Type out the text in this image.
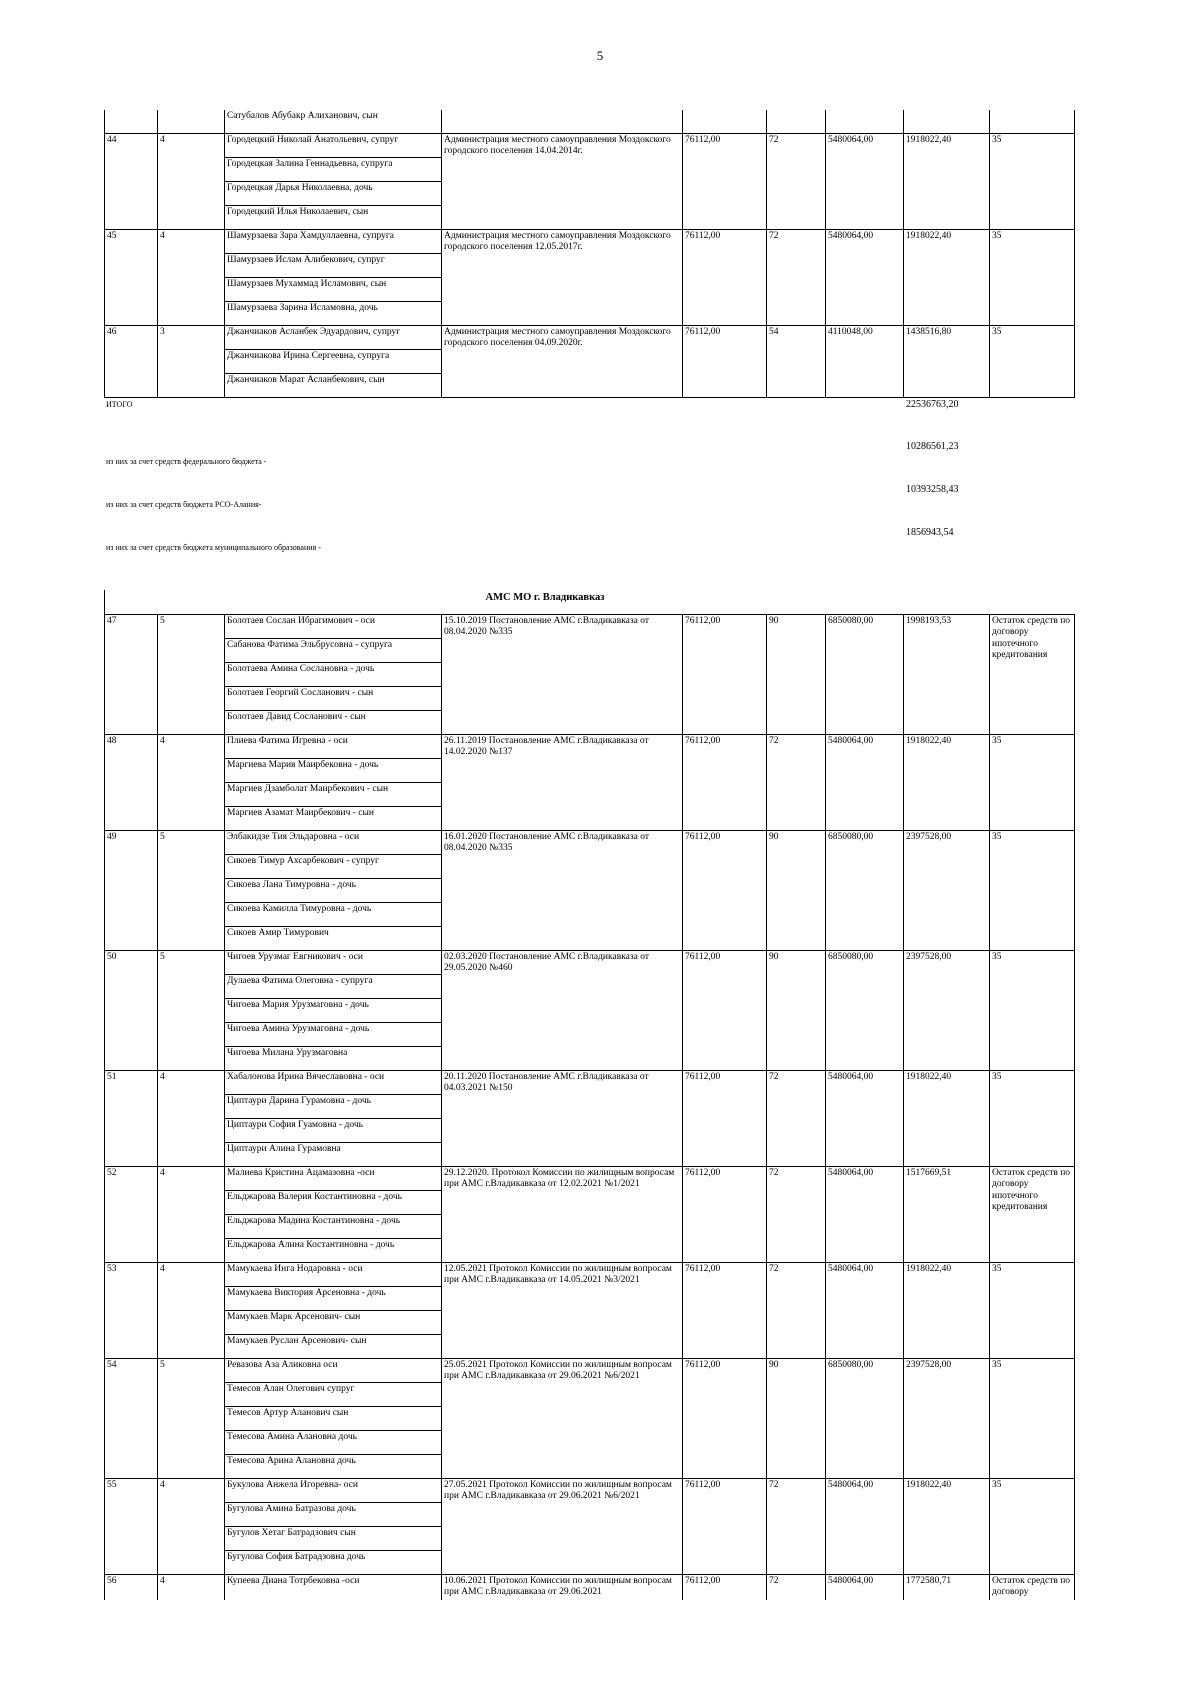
5
		Сатубалов Абубакр Алиханович, сын						
44	4	Городецкий Николай Анатольевич, супруг	Администрация местного самоуправления Моздокского городского поселения 14.04.2014г.	76112,00	72	5480064,00	1918022,40	35
		Городецкая Залина Геннадьевна, супруга						
		Городецкая Дарья Николаевна, дочь						
		Городецкий Илья Николаевич, сын						
45	4	Шамурзаева Зара Хамдуллаевна, супруга	Администрация местного самоуправления Моздокского городского поселения 12.05.2017г.	76112,00	72	5480064,00	1918022,40	35
		Шамурзаев Ислам Алибекович, супруг						
		Шамурзаев Мухаммад Исламович, сын						
		Шамурзаева Зарина Исламовна, дочь						
46	3	Джанчиаков Асланбек Эдуардович, супруг	Администрация местного самоуправления Моздокского городского поселения 04.09.2020г.	76112,00	54	4110048,00	1438516,80	35
		Джанчиакова Ирина Сергеевна, супруга						
		Джанчиаков Марат Асланбекович, сын						
ИТОГО	22536763,20
10286561,23
из них за счет средств федерального бюджета -
10393258,43
из них за счет средств бюджета РСО-Алания-
1856943,54
из них за счет средств бюджета муниципального образования -
АМС МО г. Владикавказ
47	5	Болотаев Сослан Ибрагимович - оси	15.10.2019 Постановление АМС г.Владикавказа от 08.04.2020 №335	76112,00	90	6850080,00	1998193,53	Остаток средств по договору ипотечного кредитования
		Сабанова Фатима Эльбрусовна - супруга						
		Болотаева Амина Сослановна - дочь						
		Болотаев Георгий Сосланович - сын						
		Болотаев Давид Сосланович - сын						
48	4	Плиева Фатима Игревна - оси	26.11.2019 Постановление АМС г.Владикавказа от 14.02.2020 №137	76112,00	72	5480064,00	1918022,40	35
		Маргиева Мария Маирбековна - дочь						
		Маргиев Дзамболат Маирбекович - сын						
		Маргиев Азамат Маирбекович - сын						
49	5	Элбакидзе Тия Эльдаровна - оси	16.01.2020 Постановление АМС г.Владикавказа от 08.04.2020 №335	76112,00	90	6850080,00	2397528,00	35
		Сикоев Тимур Ахсарбекович - супруг						
		Сикоева Лана Тимуровна - дочь						
		Сикоева Камилла Тимуровна - дочь						
		Сикоев Амир Тимурович						
50	5	Чигоев Урузмаг Евгникович - оси	02.03.2020 Постановление АМС г.Владикавказа от 29.05.2020 №460	76112,00	90	6850080,00	2397528,00	35
		Дулаева Фатима Олеговна - супруга						
		Чигоева Мария Урузмаговна - дочь						
		Чигоева Амина Урузмаговна - дочь						
		Чигоева Милана Урузмаговна						
51	4	Хабалонова Ирина Вячеславовна - оси	20.11.2020 Постановление АМС г.Владикавказа от 04.03.2021 №150	76112,00	72	5480064,00	1918022,40	35
		Циптаури Дарина Гурамовна - дочь						
		Циптаури София Гуамовна - дочь						
		Циптаури Алина Гурамовна						
52	4	Малиева Кристина Ацамазовна -оси	29.12.2020. Протокол Комиссии по жилищным вопросам при АМС г.Владикавказа от 12.02.2021 №1/2021	76112,00	72	5480064,00	1517669,51	Остаток средств по договору ипотечного кредитования
		Ельджарова Валерия Костантиновна - дочь						
		Ельджарова Мадина Костантиновна - дочь						
		Ельджарова Алина Костантиновна - дочь						
53	4	Мамукаева Инга Нодаровна - оси	12.05.2021 Протокол Комиссии по жилищным вопросам при АМС г.Владикавказа от 14.05.2021 №3/2021	76112,00	72	5480064,00	1918022,40	35
		Мамукаева Виктория Арсеновна - дочь						
		Мамукаев Марк Арсенович- сын						
		Мамукаев Руслан Арсенович- сын						
54	5	Ревазова Аза Аликовна оси	25.05.2021 Протокол Комиссии по жилищным вопросам при АМС г.Владикавказа от 29.06.2021 №6/2021	76112,00	90	6850080,00	2397528,00	35
		Темесов Алан Олегович супруг						
		Темесов Артур Аланович сын						
		Темесова Амина Алановна дочь						
		Темесова Арина Алановна дочь						
55	4	Букулова Анжела Игоревна- оси	27.05.2021 Протокол Комиссии по жилищным вопросам при АМС г.Владикавказа от 29.06.2021 №6/2021	76112,00	72	5480064,00	1918022,40	35
		Бугулова Амина Батразова дочь						
		Бугулов Хетаг Батрадзович сын						
		Бугулова София Батрадзовна дочь						
56	4	Купеева Диана Тотрбековна -оси	10.06.2021 Протокол Комиссии по жилищным вопросам при АМС г.Владикавказа от 29.06.2021	76112,00	72	5480064,00	1772580,71	Остаток средств по договору
